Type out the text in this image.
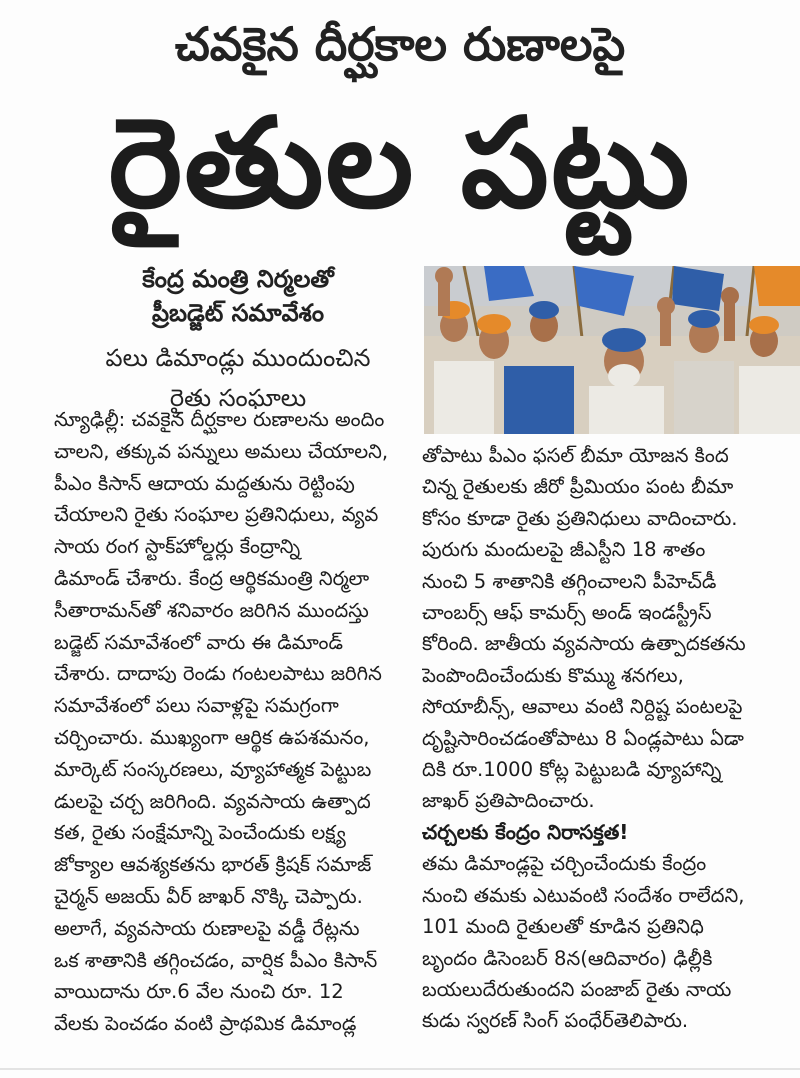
చవకైన దీర్ఘకాల రుణాలపై
రైతుల పట్టు
కేంద్ర మంత్రి నిర్మలతో
ప్రీబడ్జెట్ సమావేశం
పలు డిమాండ్లు ముందుంచిన
రైతు సంఘాలు
న్యూఢిల్లీ: చవకైన దీర్ఘకాల రుణాలను అందిం
చాలని, తక్కువ పన్నులు అమలు చేయాలని,
పీఎం కిసాన్ ఆదాయ మద్దతును రెట్టింపు
చేయాలని రైతు సంఘాల ప్రతినిధులు, వ్యవ
సాయ రంగ స్టాక్‌హోల్డర్లు కేంద్రాన్ని
డిమాండ్ చేశారు. కేంద్ర ఆర్థికమంత్రి నిర్మలా
సీతారామన్‌తో శనివారం జరిగిన ముందస్తు
బడ్జెట్ సమావేశంలో వారు ఈ డిమాండ్
చేశారు. దాదాపు రెండు గంటలపాటు జరిగిన
సమావేశంలో పలు సవాళ్లపై సమగ్రంగా
చర్చించారు. ముఖ్యంగా ఆర్థిక ఉపశమనం,
మార్కెట్ సంస్కరణలు, వ్యూహాత్మక పెట్టుబ
డులపై చర్చ జరిగింది. వ్యవసాయ ఉత్పాద
కత, రైతు సంక్షేమాన్ని పెంచేందుకు లక్ష్య
జోక్యాల ఆవశ్యకతను భారత్ క్రిషక్ సమాజ్
చైర్మన్ అజయ్ వీర్ జాఖర్ నొక్కి చెప్పారు.
అలాగే, వ్యవసాయ రుణాలపై వడ్డీ రేట్లను
ఒక శాతానికి తగ్గించడం, వార్షిక పీఎం కిసాన్
వాయిదాను రూ.6 వేల నుంచి రూ. 12
వేలకు పెంచడం వంటి ప్రాథమిక డిమాండ్ల
తోపాటు పీఎం ఫసల్ బీమా యోజన కింద
చిన్న రైతులకు జీరో ప్రీమియం పంట బీమా
కోసం కూడా రైతు ప్రతినిధులు వాదించారు.
పురుగు మందులపై జీఎస్టీని 18 శాతం
నుంచి 5 శాతానికి తగ్గించాలని పీహెచ్‌డీ
చాంబర్స్ ఆఫ్ కామర్స్ అండ్ ఇండస్ట్రీస్
కోరింది. జాతీయ వ్యవసాయ ఉత్పాదకతను
పెంపొందించేందుకు కొమ్ము శనగలు,
సోయాబీన్స్, ఆవాలు వంటి నిర్దిష్ట పంటలపై
దృష్టిసారించడంతోపాటు 8 ఏండ్లపాటు ఏడా
దికి రూ.1000 కోట్ల పెట్టుబడి వ్యూహాన్ని
జాఖర్ ప్రతిపాదించారు.
చర్చలకు కేంద్రం నిరాసక్తత!
తమ డిమాండ్లపై చర్చించేందుకు కేంద్రం
నుంచి తమకు ఎటువంటి సందేశం రాలేదని,
101 మంది రైతులతో కూడిన ప్రతినిధి
బృందం డిసెంబర్ 8న(ఆదివారం) ఢిల్లీకి
బయలుదేరుతుందని పంజాబ్ రైతు నాయ
కుడు స్వరణ్ సింగ్ పంధేర్‌తెలిపారు.
